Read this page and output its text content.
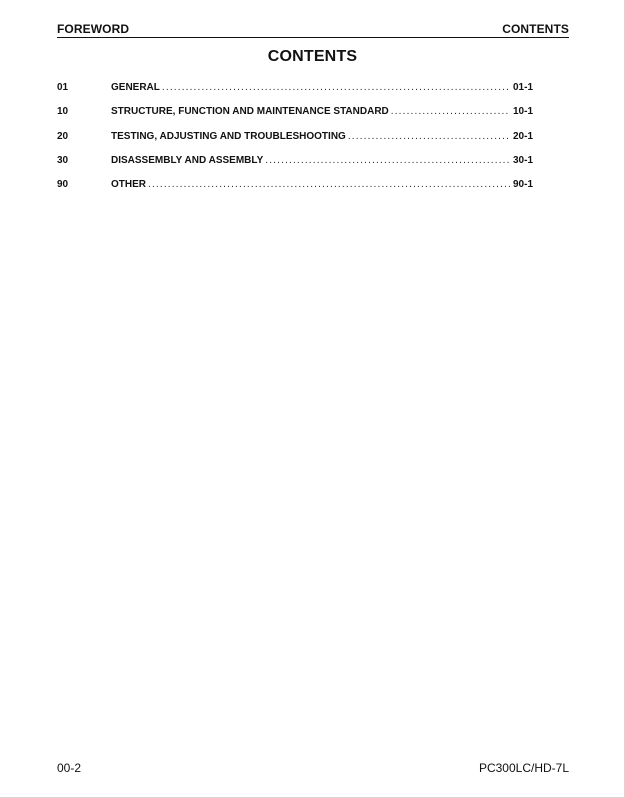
FOREWORD	CONTENTS
CONTENTS
01	GENERAL . . .	01-1
10	STRUCTURE, FUNCTION AND MAINTENANCE STANDARD . . .	10-1
20	TESTING, ADJUSTING AND TROUBLESHOOTING . . .	20-1
30	DISASSEMBLY AND ASSEMBLY . . .	30-1
90	OTHER . . .	90-1
00-2	PC300LC/HD-7L
